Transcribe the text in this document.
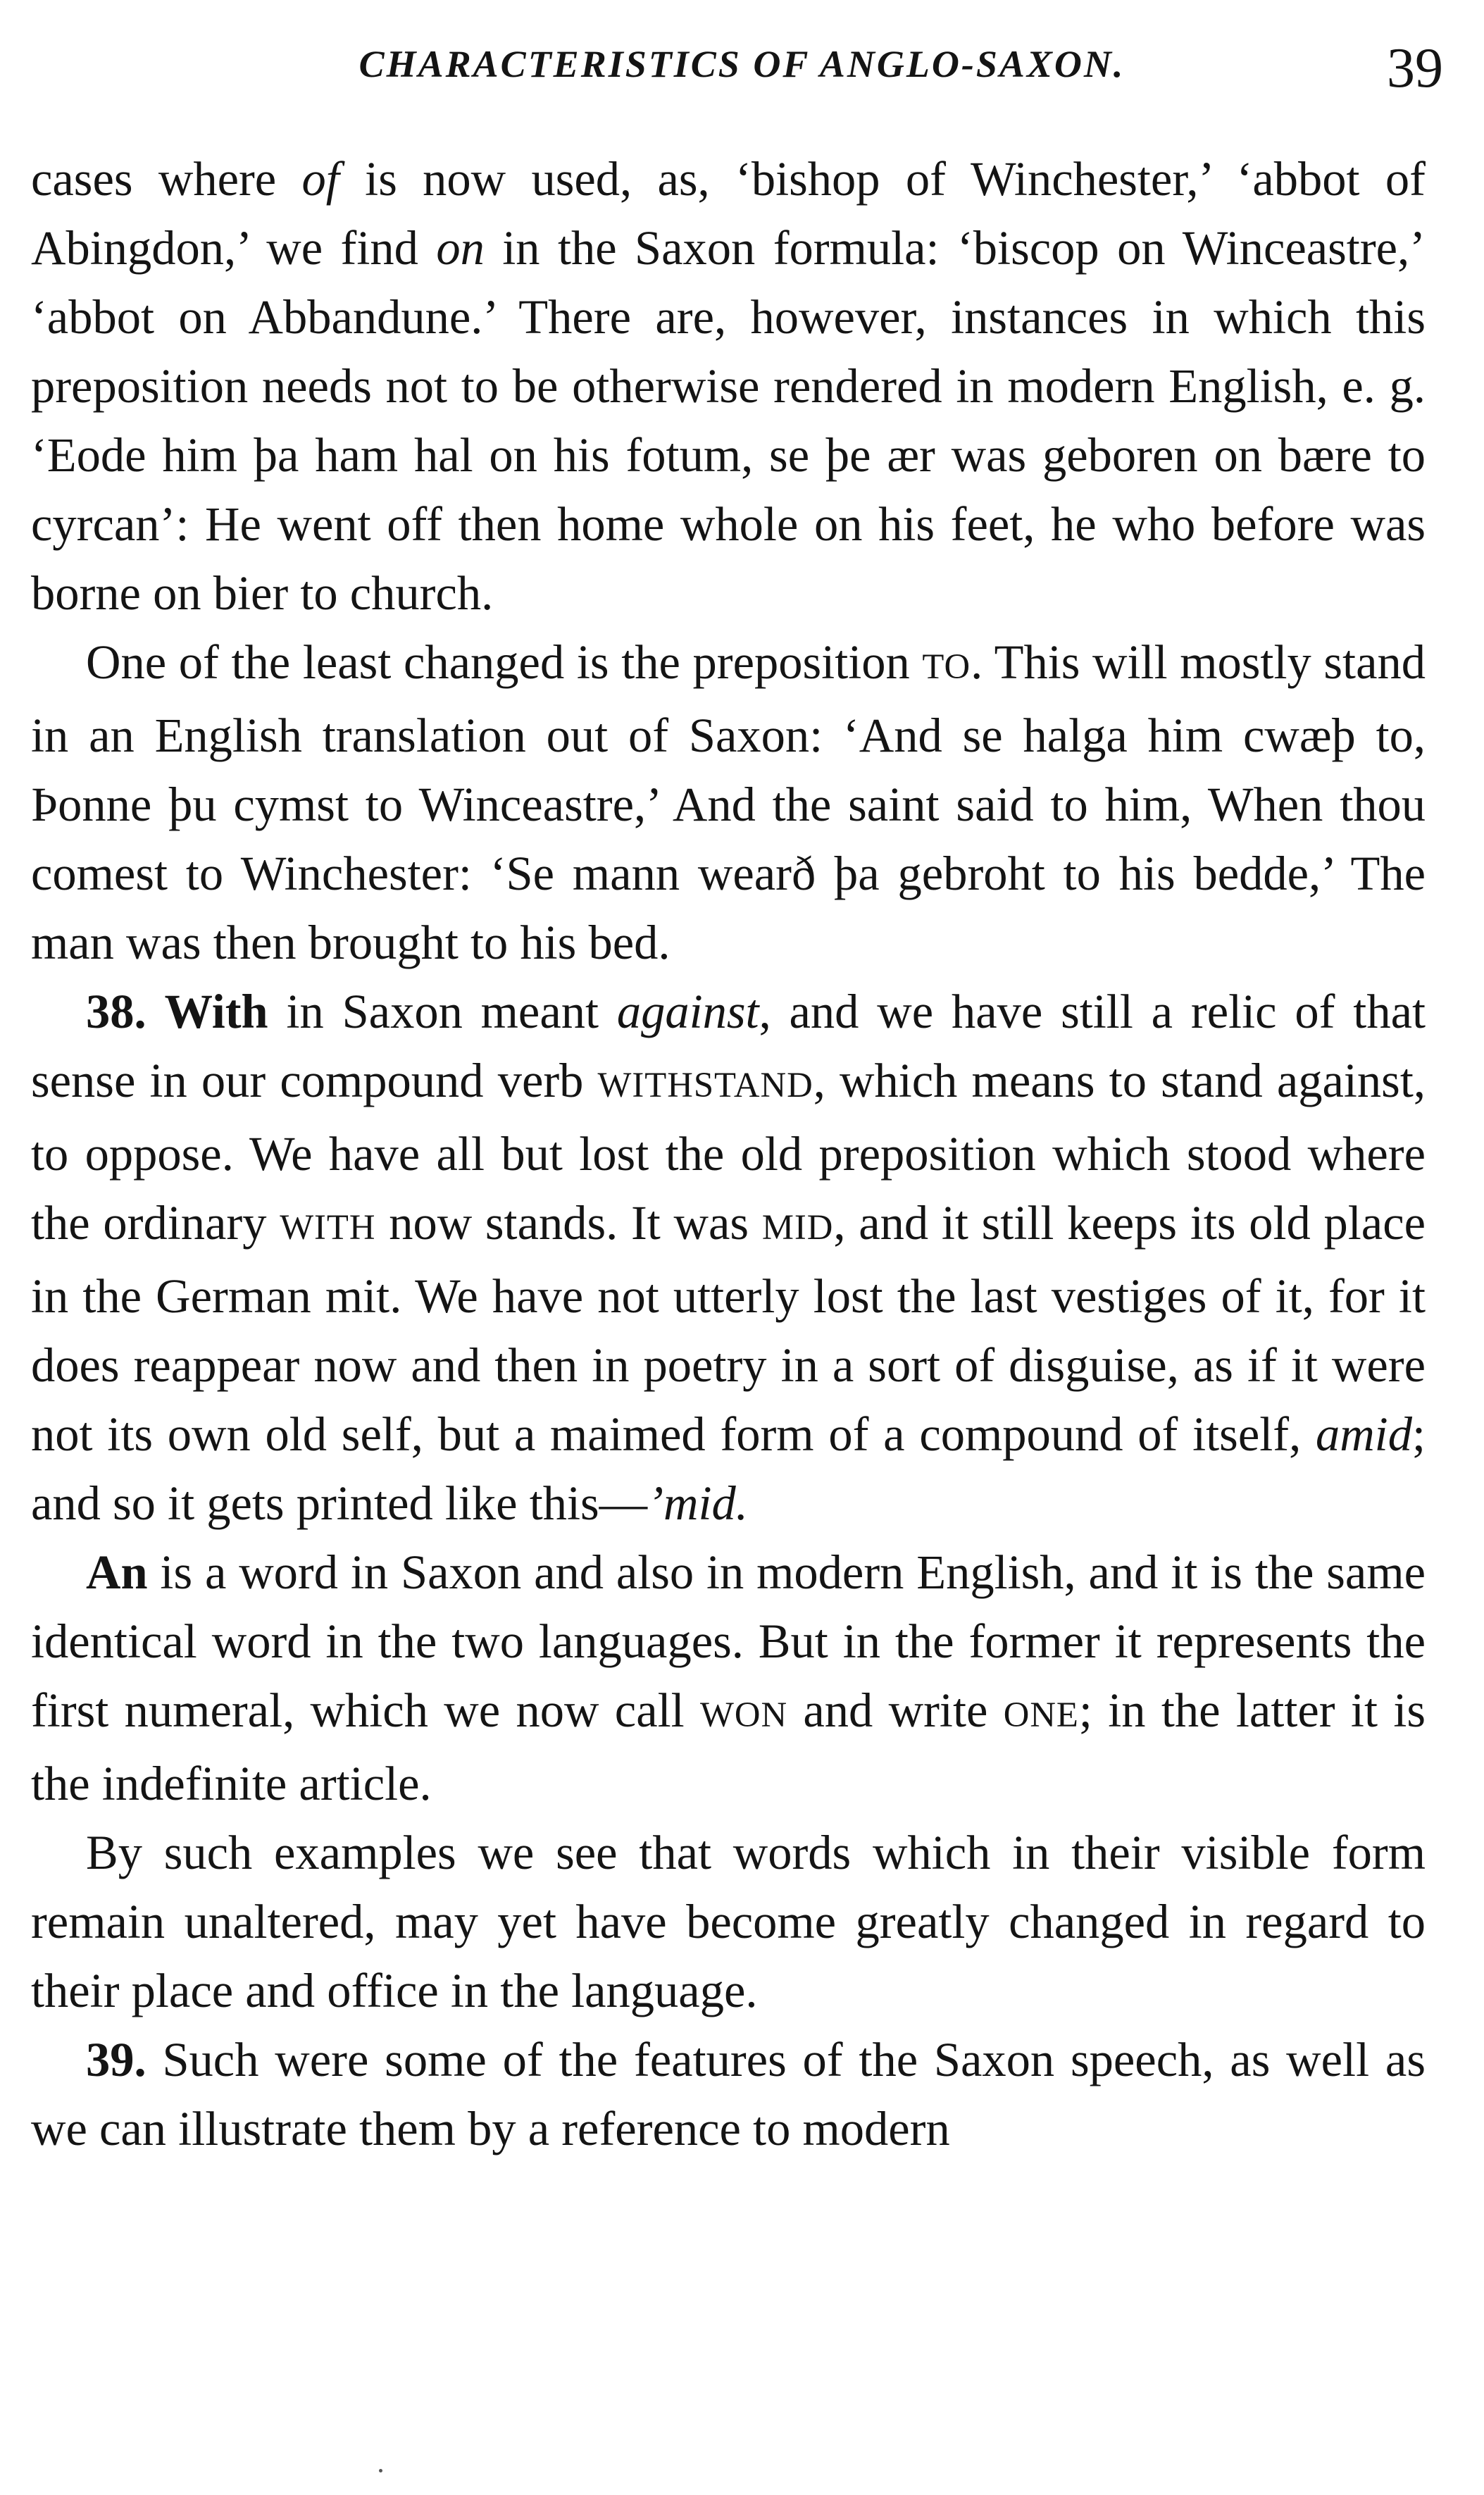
CHARACTERISTICS OF ANGLO-SAXON.	39

cases where of is now used, as, ‘bishop of Winchester,’ ‘abbot of Abingdon,’ we find on in the Saxon formula: ‘biscop on Winceastre,’ ‘abbot on Abbandune.’ There are, however, instances in which this preposition needs not to be otherwise rendered in modern English, e. g. ‘Eode him þa ham hal on his fotum, se þe ær was geboren on bære to cyrcan’: He went off then home whole on his feet, he who before was borne on bier to church.

One of the least changed is the preposition TO. This will mostly stand in an English translation out of Saxon: ‘And se halga him cwæþ to, Þonne þu cymst to Winceastre,’ And the saint said to him, When thou comest to Winchester: ‘Se mann wearð þa gebroht to his bedde,’ The man was then brought to his bed.

38. With in Saxon meant against, and we have still a relic of that sense in our compound verb WITHSTAND, which means to stand against, to oppose. We have all but lost the old preposition which stood where the ordinary WITH now stands. It was MID, and it still keeps its old place in the German mit. We have not utterly lost the last vestiges of it, for it does reappear now and then in poetry in a sort of disguise, as if it were not its own old self, but a maimed form of a compound of itself, amid; and so it gets printed like this—’mid.

An is a word in Saxon and also in modern English, and it is the same identical word in the two languages. But in the former it represents the first numeral, which we now call WON and write ONE; in the latter it is the indefinite article.

By such examples we see that words which in their visible form remain unaltered, may yet have become greatly changed in regard to their place and office in the language.

39. Such were some of the features of the Saxon speech, as well as we can illustrate them by a reference to modern
